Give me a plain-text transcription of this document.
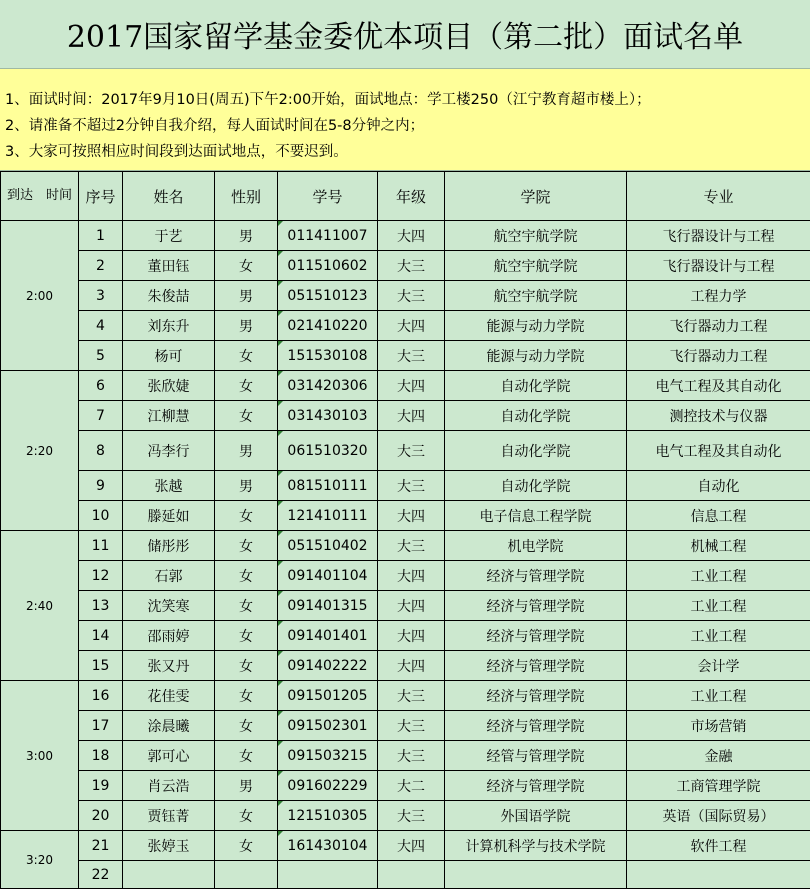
2017国家留学基金委优本项目（第二批）面试名单
1、面试时间：2017年9月10日(周五)下午2:00开始，面试地点：学工楼250（江宁教育超市楼上）；
2、请准备不超过2分钟自我介绍，每人面试时间在5-8分钟之内；
3、大家可按照相应时间段到达面试地点，不要迟到。
到达　时间	序号	姓名	性别	学号	年级	学院	专业
2:00	1	于艺	男	011411007	大四	航空宇航学院	飞行器设计与工程
	2	董田钰	女	011510602	大三	航空宇航学院	飞行器设计与工程
	3	朱俊喆	男	051510123	大三	航空宇航学院	工程力学
	4	刘东升	男	021410220	大四	能源与动力学院	飞行器动力工程
	5	杨可	女	151530108	大三	能源与动力学院	飞行器动力工程
2:20	6	张欣婕	女	031420306	大四	自动化学院	电气工程及其自动化
	7	江柳慧	女	031430103	大四	自动化学院	测控技术与仪器
	8	冯李行	男	061510320	大三	自动化学院	电气工程及其自动化
	9	张越	男	081510111	大三	自动化学院	自动化
	10	滕延如	女	121410111	大四	电子信息工程学院	信息工程
2:40	11	储彤彤	女	051510402	大三	机电学院	机械工程
	12	石郭	女	091401104	大四	经济与管理学院	工业工程
	13	沈笑寒	女	091401315	大四	经济与管理学院	工业工程
	14	邵雨婷	女	091401401	大四	经济与管理学院	工业工程
	15	张又丹	女	091402222	大四	经济与管理学院	会计学
3:00	16	花佳雯	女	091501205	大三	经济与管理学院	工业工程
	17	涂晨曦	女	091502301	大三	经济与管理学院	市场营销
	18	郭可心	女	091503215	大三	经管与管理学院	金融
	19	肖云浩	男	091602229	大二	经济与管理学院	工商管理学院
	20	贾钰菁	女	121510305	大三	外国语学院	英语（国际贸易）
3:20	21	张婷玉	女	161430104	大四	计算机科学与技术学院	软件工程
	22						
